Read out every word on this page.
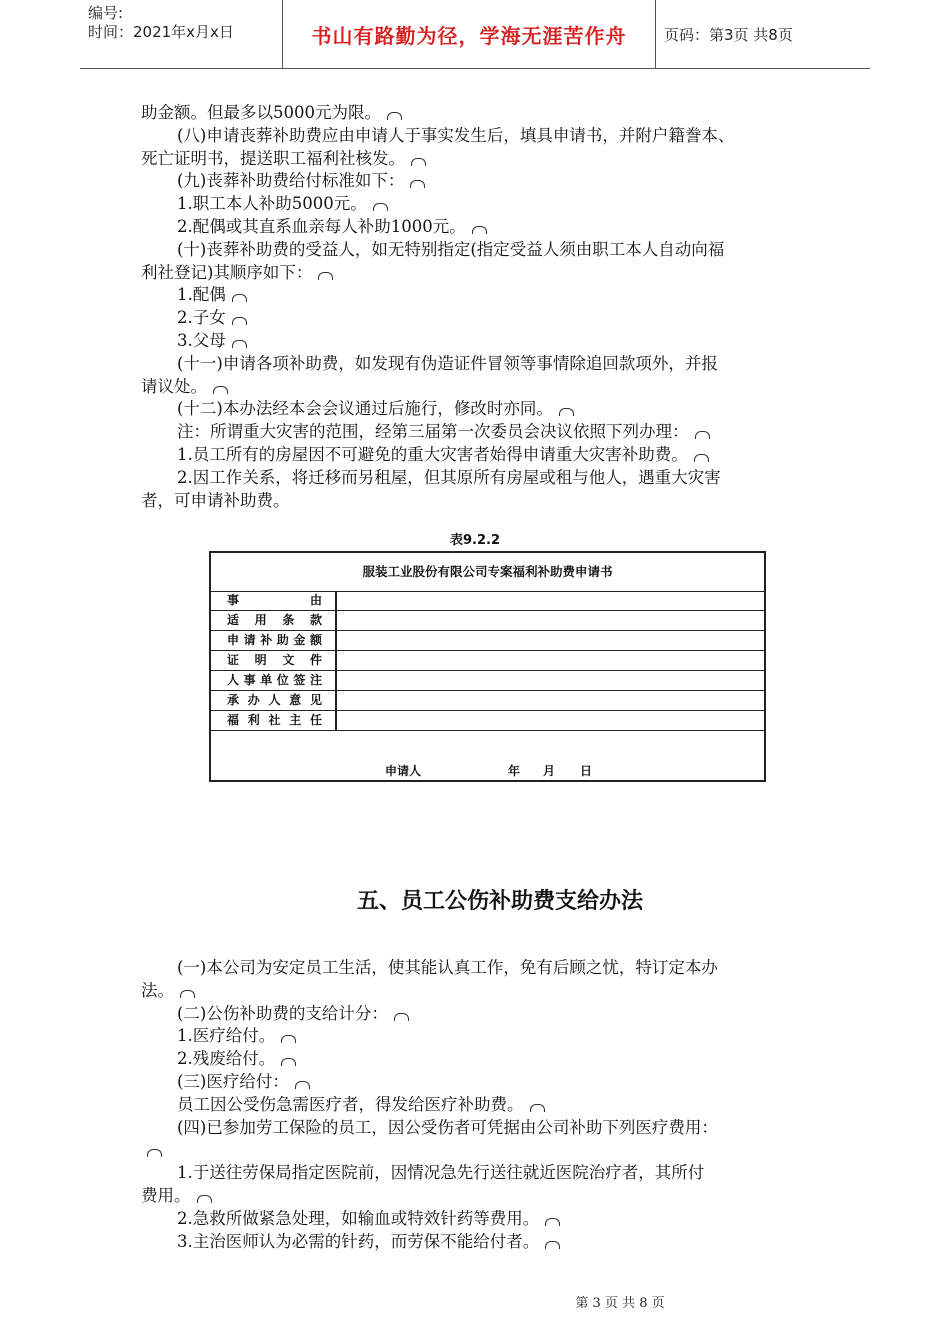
编号:
时间：2021年x月x日	书山有路勤为径，学海无涯苦作舟	页码：第3页 共8页

助金额。但最多以5000元为限。

(八)申请丧葬补助费应由申请人于事实发生后，填具申请书，并附户籍誊本、

死亡证明书，提送职工福利社核发。

(九)丧葬补助费给付标准如下：

1.职工本人补助5000元。

2.配偶或其直系血亲每人补助1000元。

(十)丧葬补助费的受益人，如无特别指定(指定受益人须由职工本人自动向福

利社登记)其顺序如下：

1.配偶

2.子女

3.父母

(十一)申请各项补助费，如发现有伪造证件冒领等事情除追回款项外，并报

请议处。

(十二)本办法经本会会议通过后施行，修改时亦同。

注：所谓重大灾害的范围，经第三届第一次委员会决议依照下列办理：

1.员工所有的房屋因不可避免的重大灾害者始得申请重大灾害补助费。

2.因工作关系，将迁移而另租屋，但其原所有房屋或租与他人，遇重大灾害

者，可申请补助费。

表9.2.2
服装工业股份有限公司专案福利补助费申请书
事由
适用条款
申请补助金额
证明文件
人事单位签注
承办人意见
福利社主任
申请人	年 月 日
五、员工公伤补助费支给办法

(一)本公司为安定员工生活，使其能认真工作，免有后顾之忧，特订定本办

法。

(二)公伤补助费的支给计分：

1.医疗给付。

2.残废给付。

(三)医疗给付：

员工因公受伤急需医疗者，得发给医疗补助费。

(四)已参加劳工保险的员工，因公受伤者可凭据由公司补助下列医疗费用：

1.于送往劳保局指定医院前，因情况急先行送往就近医院治疗者，其所付

费用。

2.急救所做紧急处理，如输血或特效针药等费用。

3.主治医师认为必需的针药，而劳保不能给付者。

第 3 页 共 8 页
